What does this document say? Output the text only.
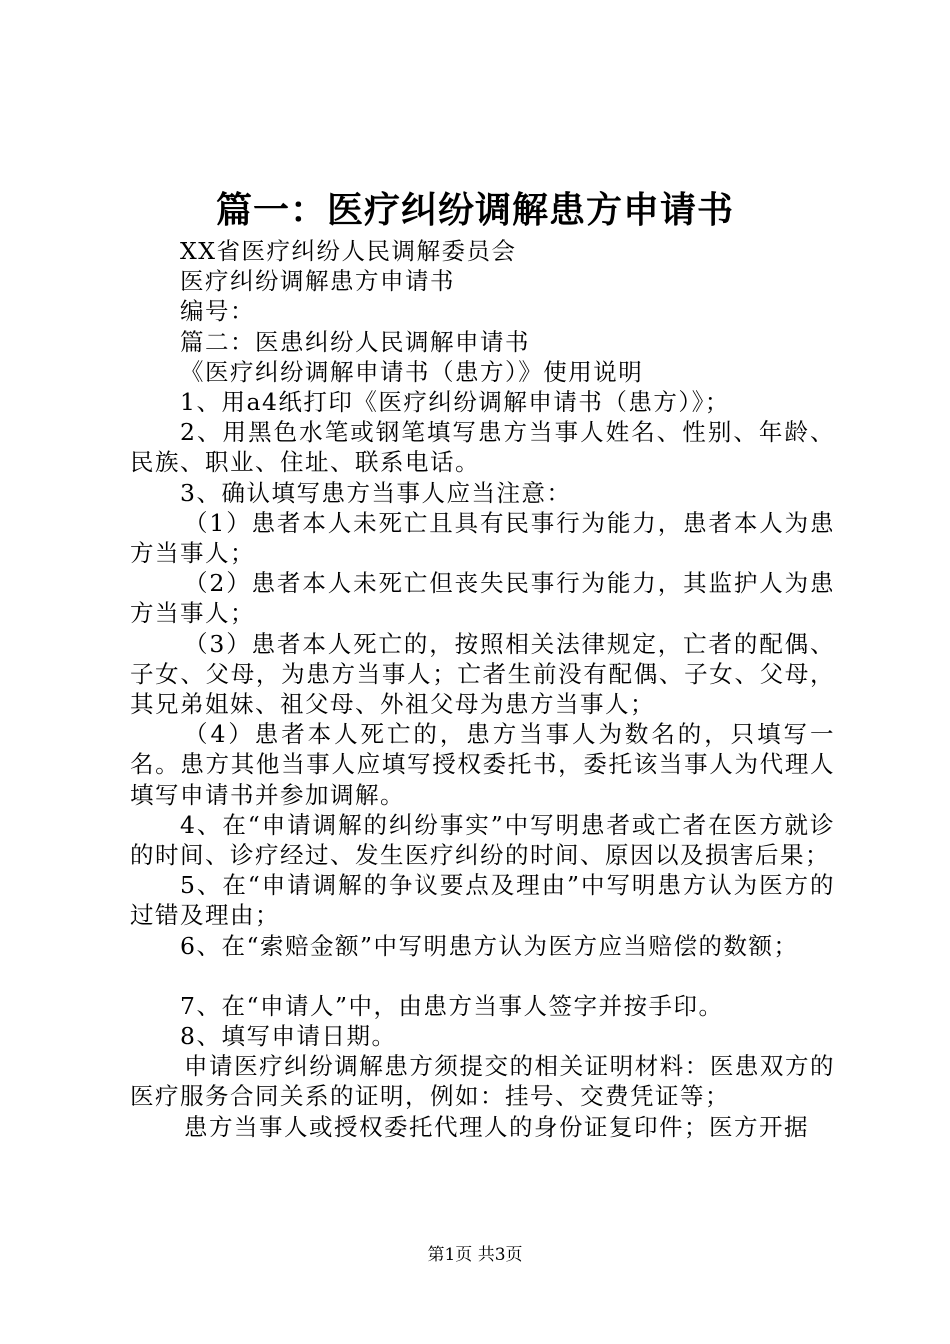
篇一：医疗纠纷调解患方申请书

XX省医疗纠纷人民调解委员会

医疗纠纷调解患方申请书

编号：

篇二：医患纠纷人民调解申请书

《医疗纠纷调解申请书（患方）》使用说明

1、用a4纸打印《医疗纠纷调解申请书（患方）》；

2、用黑色水笔或钢笔填写患方当事人姓名、性别、年龄、民族、职业、住址、联系电话。

3、确认填写患方当事人应当注意：

（1）患者本人未死亡且具有民事行为能力，患者本人为患方当事人；

（2）患者本人未死亡但丧失民事行为能力，其监护人为患方当事人；

（3）患者本人死亡的，按照相关法律规定，亡者的配偶、子女、父母，为患方当事人；亡者生前没有配偶、子女、父母，其兄弟姐妹、祖父母、外祖父母为患方当事人；

（4）患者本人死亡的，患方当事人为数名的，只填写一名。患方其他当事人应填写授权委托书，委托该当事人为代理人填写申请书并参加调解。

4、在“申请调解的纠纷事实”中写明患者或亡者在医方就诊的时间、诊疗经过、发生医疗纠纷的时间、原因以及损害后果；

5、在“申请调解的争议要点及理由”中写明患方认为医方的过错及理由；

6、在“索赔金额”中写明患方认为医方应当赔偿的数额；

7、在“申请人”中，由患方当事人签字并按手印。

8、填写申请日期。

申请医疗纠纷调解患方须提交的相关证明材料：医患双方的医疗服务合同关系的证明，例如：挂号、交费凭证等；

患方当事人或授权委托代理人的身份证复印件；医方开据

第1页 共3页
